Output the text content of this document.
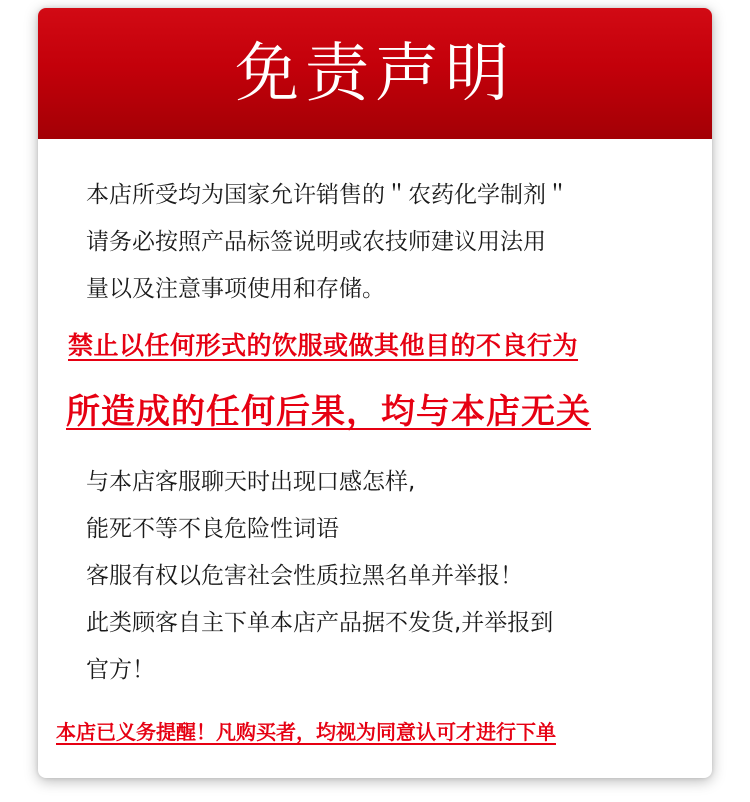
免责声明
本店所受均为国家允许销售的＂农药化学制剂＂
请务必按照产品标签说明或农技师建议用法用
量以及注意事项使用和存储。
禁止以任何形式的饮服或做其他目的不良行为
所造成的任何后果，均与本店无关
与本店客服聊天时出现口感怎样,
能死不等不良危险性词语
客服有权以危害社会性质拉黑名单并举报！
此类顾客自主下单本店产品据不发货,并举报到
官方！
本店已义务提醒！凡购买者，均视为同意认可才进行下单
